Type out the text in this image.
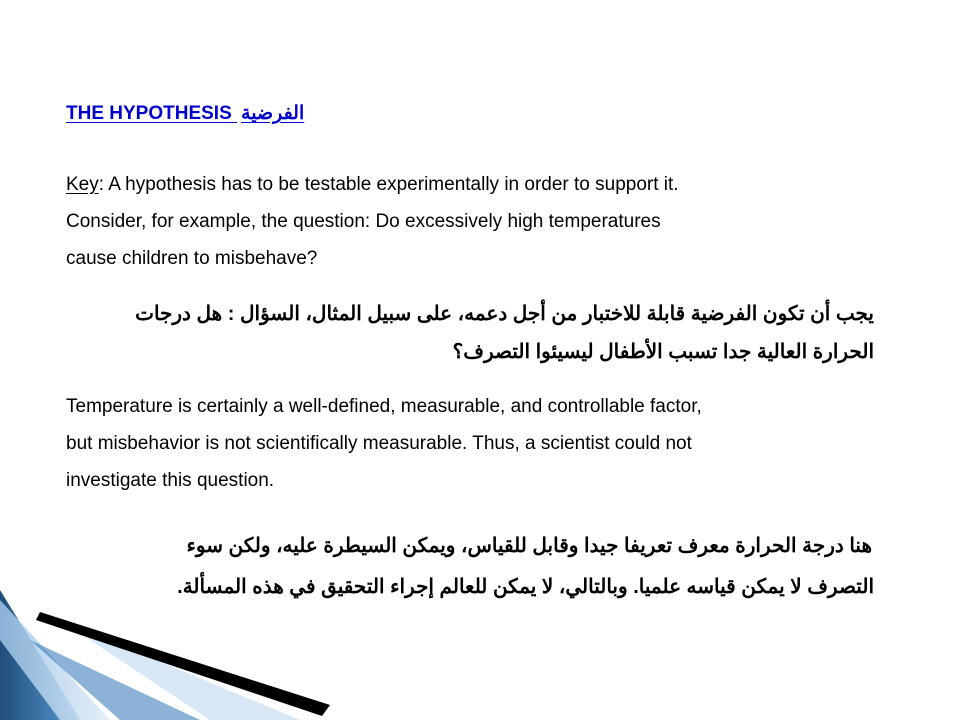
THE HYPOTHESIS الفرضية
Key: A hypothesis has to be testable experimentally in order to support it.
Consider, for example, the question: Do excessively high temperatures
cause children to misbehave?
يجب أن تكون الفرضية قابلة للاختبار من أجل دعمه، على سبيل المثال، السؤال : هل درجات
الحرارة العالية جدا تسبب الأطفال ليسيئوا التصرف؟
Temperature is certainly a well-defined, measurable, and controllable factor,
but misbehavior is not scientifically measurable. Thus, a scientist could not
investigate this question.
هنا درجة الحرارة معرف تعريفا جيدا وقابل للقياس، ويمكن السيطرة عليه، ولكن سوء
التصرف لا يمكن قياسه علميا. وبالتالي، لا يمكن للعالم إجراء التحقيق في هذه المسألة.
